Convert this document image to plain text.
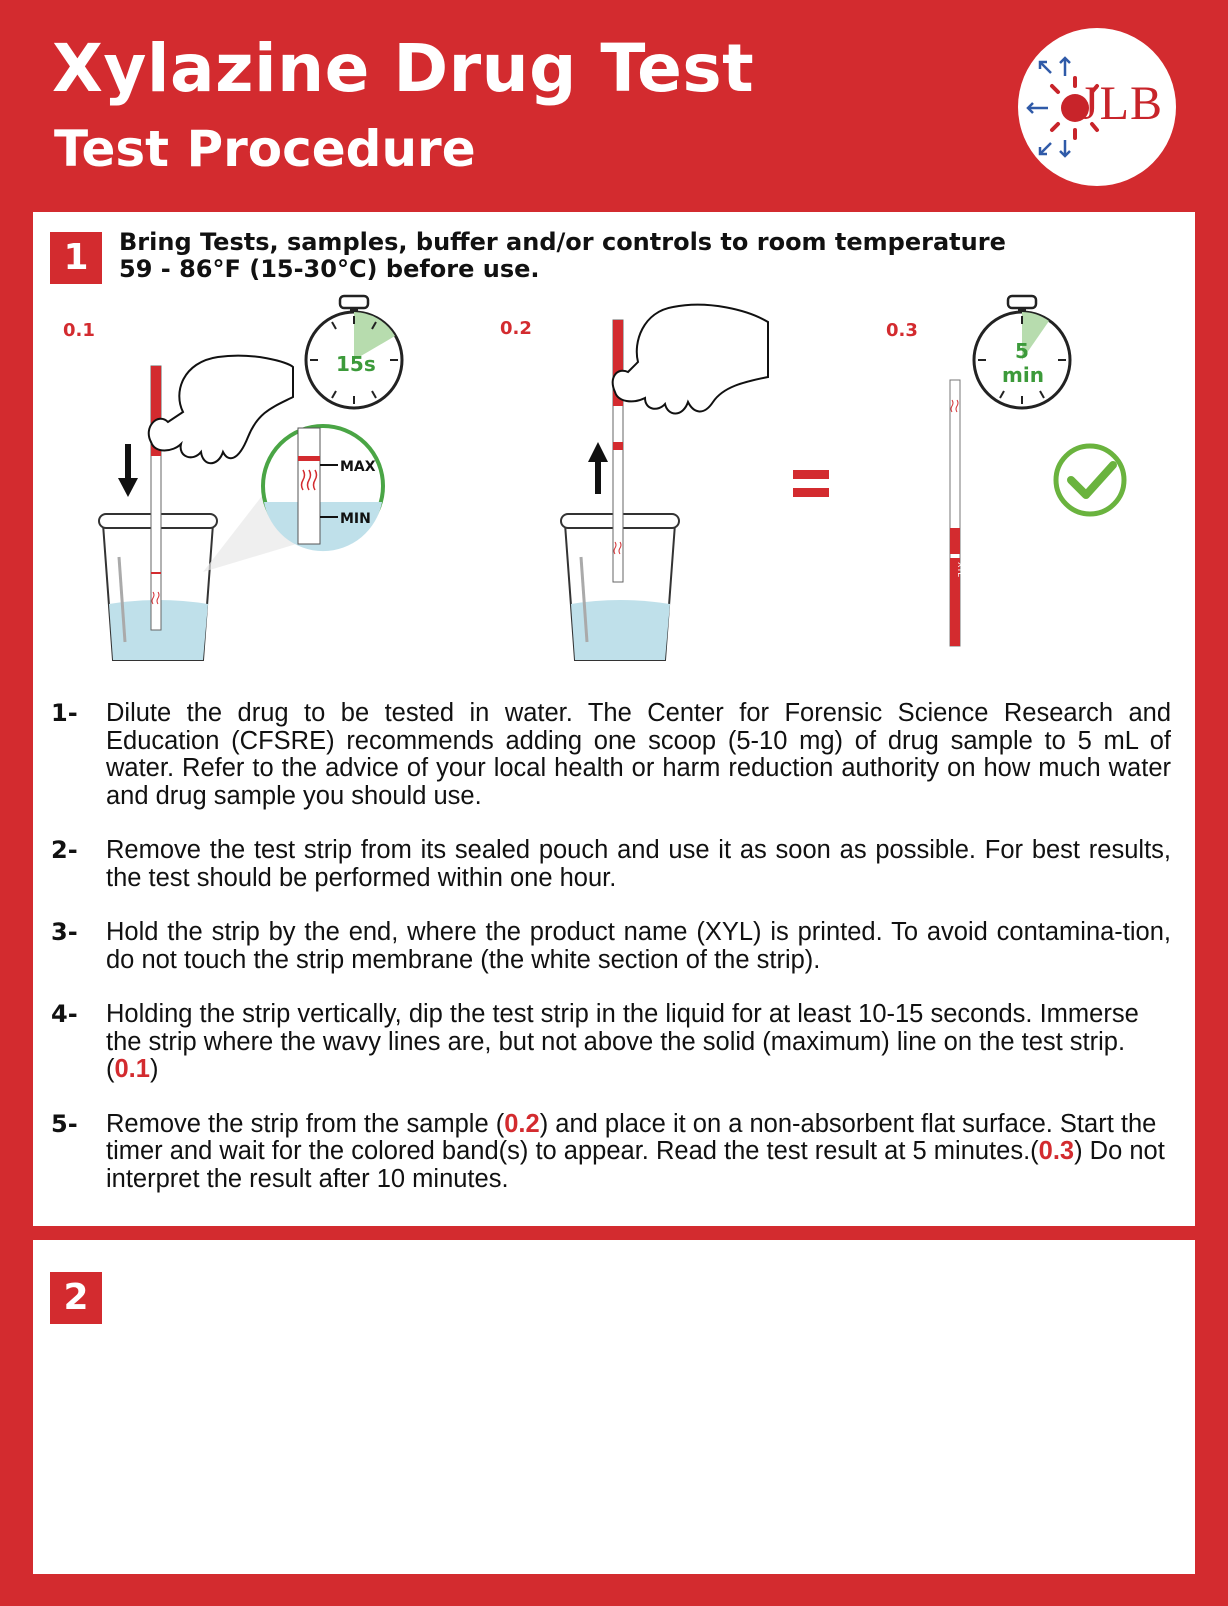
Xylazine Drug Test
Test Procedure
JLB
1	Bring Tests, samples, buffer and/or controls to room temperature
59 - 86°F (15-30°C) before use.
0.1	0.2	0.3
15s
MAX
MIN
5
min
XYL
1-	Dilute the drug to be tested in water. The Center for Forensic Science Research and Education (CFSRE) recommends adding one scoop (5-10 mg) of drug sample to 5 mL of water. Refer to the advice of your local health or harm reduction authority on how much water and drug sample you should use.
2-	Remove the test strip from its sealed pouch and use it as soon as possible. For best results, the test should be performed within one hour.
3-	Hold the strip by the end, where the product name (XYL) is printed. To avoid contamina-tion, do not touch the strip membrane (the white section of the strip).
4-	Holding the strip vertically, dip the test strip in the liquid for at least 10-15 seconds. Immerse the strip where the wavy lines are, but not above the solid (maximum) line on the test strip. (0.1)
5-	Remove the strip from the sample (0.2) and place it on a non-absorbent flat surface. Start the timer and wait for the colored band(s) to appear. Read the test result at 5 minutes.(0.3) Do not interpret the result after 10 minutes.
2
